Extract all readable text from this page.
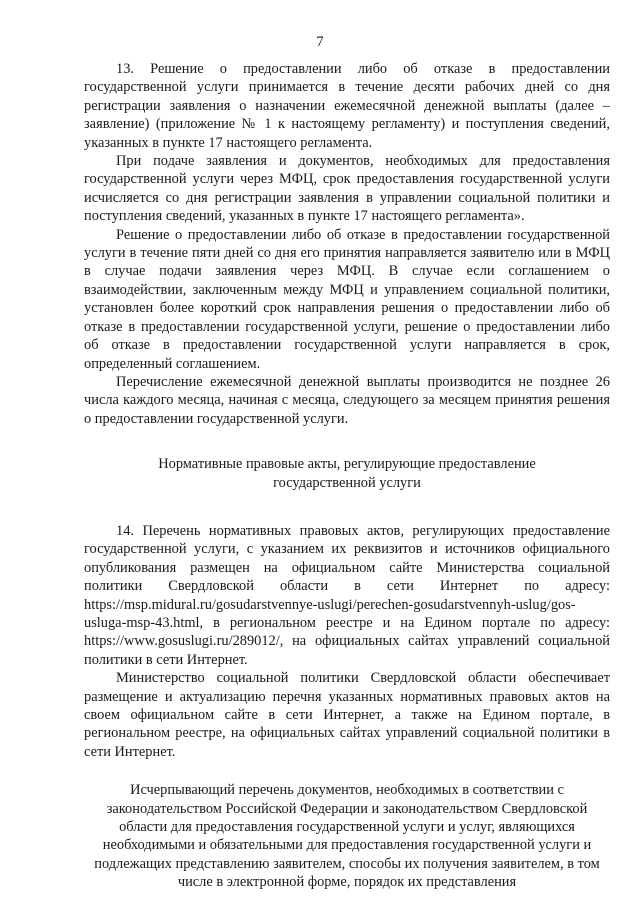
7

13. Решение о предоставлении либо об отказе в предоставлении государственной услуги принимается в течение десяти рабочих дней со дня регистрации заявления о назначении ежемесячной денежной выплаты (далее – заявление) (приложение № 1 к настоящему регламенту) и поступления сведений, указанных в пункте 17 настоящего регламента.

При подаче заявления и документов, необходимых для предоставления государственной услуги через МФЦ, срок предоставления государственной услуги исчисляется со дня регистрации заявления в управлении социальной политики и поступления сведений, указанных в пункте 17 настоящего регламента».

Решение о предоставлении либо об отказе в предоставлении государственной услуги в течение пяти дней со дня его принятия направляется заявителю или в МФЦ в случае подачи заявления через МФЦ. В случае если соглашением о взаимодействии, заключенным между МФЦ и управлением социальной политики, установлен более короткий срок направления решения о предоставлении либо об отказе в предоставлении государственной услуги, решение о предоставлении либо об отказе в предоставлении государственной услуги направляется в срок, определенный соглашением.

Перечисление ежемесячной денежной выплаты производится не позднее 26 числа каждого месяца, начиная с месяца, следующего за месяцем принятия решения о предоставлении государственной услуги.

Нормативные правовые акты, регулирующие предоставление государственной услуги

14. Перечень нормативных правовых актов, регулирующих предоставление государственной услуги, с указанием их реквизитов и источников официального опубликования размещен на официальном сайте Министерства социальной политики Свердловской области в сети Интернет по адресу: https://msp.midural.ru/gosudarstvennye-uslugi/perechen-gosudarstvennyh-uslug/gos-usluga-msp-43.html, в региональном реестре и на Едином портале по адресу: https://www.gosuslugi.ru/289012/, на официальных сайтах управлений социальной политики в сети Интернет.

Министерство социальной политики Свердловской области обеспечивает размещение и актуализацию перечня указанных нормативных правовых актов на своем официальном сайте в сети Интернет, а также на Едином портале, в региональном реестре, на официальных сайтах управлений социальной политики в сети Интернет.

Исчерпывающий перечень документов, необходимых в соответствии с законодательством Российской Федерации и законодательством Свердловской области для предоставления государственной услуги и услуг, являющихся необходимыми и обязательными для предоставления государственной услуги и подлежащих представлению заявителем, способы их получения заявителем, в том числе в электронной форме, порядок их представления
